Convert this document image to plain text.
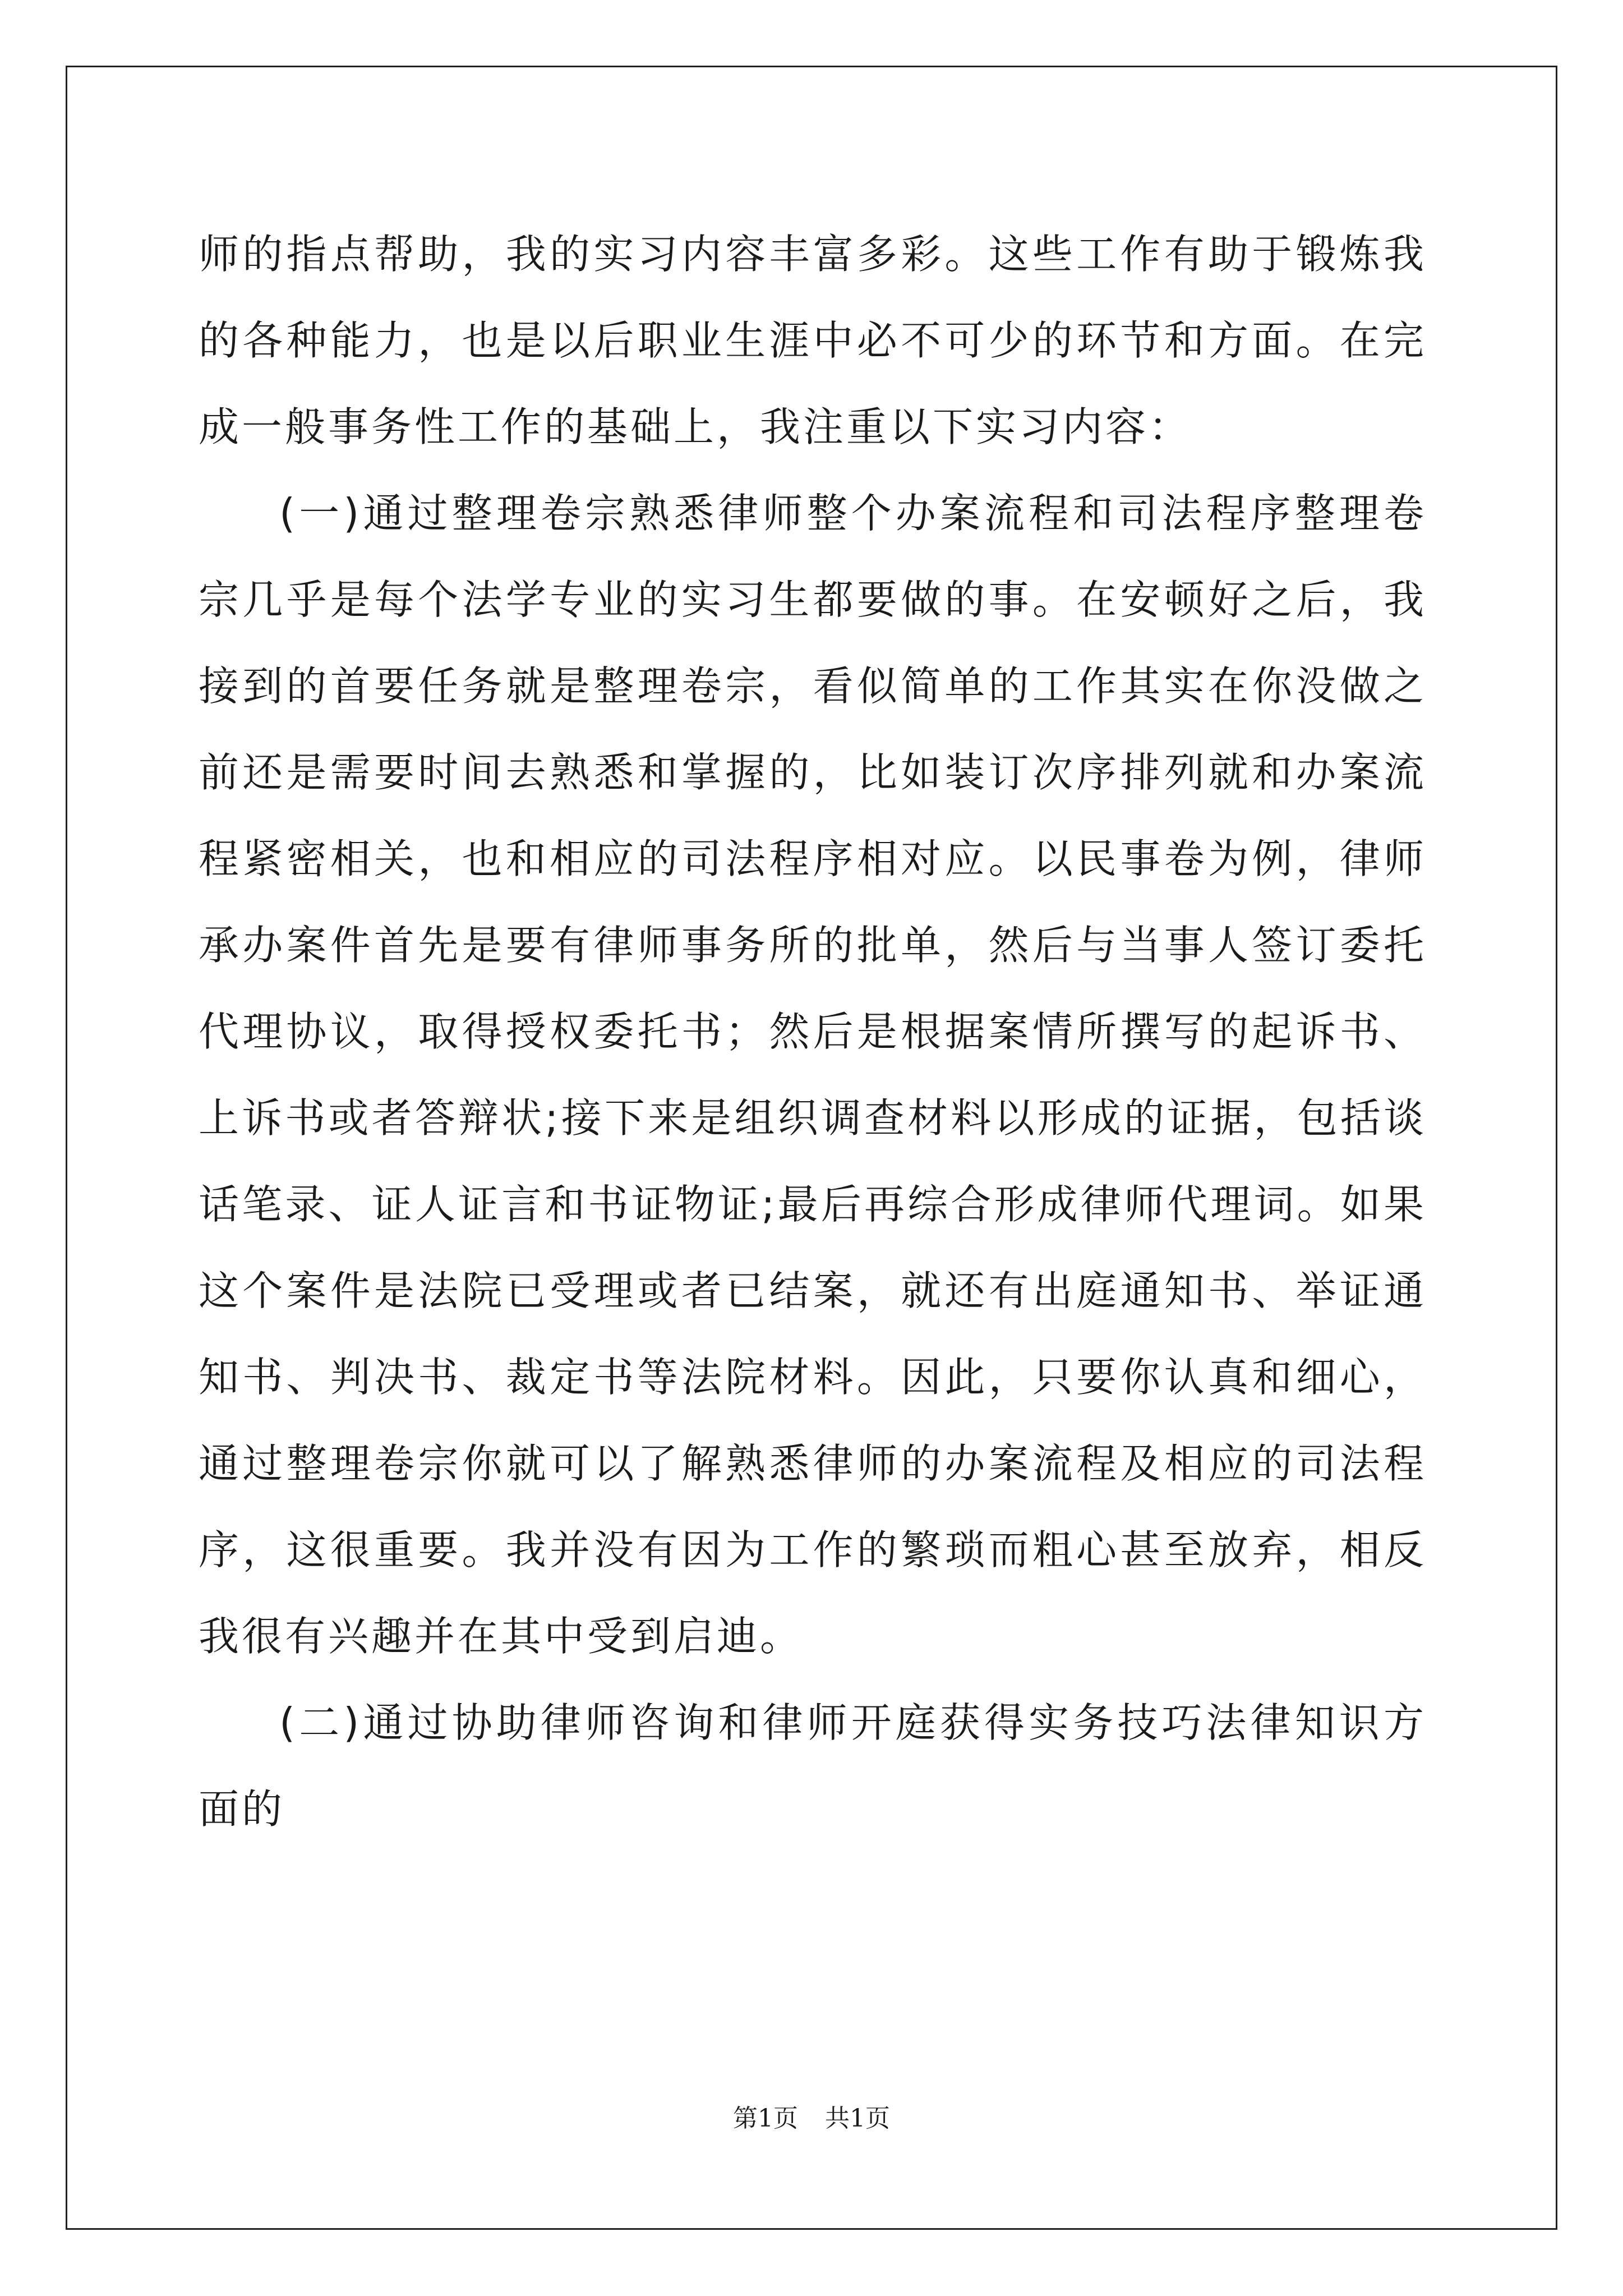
师的指点帮助，我的实习内容丰富多彩。这些工作有助于锻炼我的各种能力，也是以后职业生涯中必不可少的环节和方面。在完成一般事务性工作的基础上，我注重以下实习内容：

(一)通过整理卷宗熟悉律师整个办案流程和司法程序整理卷宗几乎是每个法学专业的实习生都要做的事。在安顿好之后，我接到的首要任务就是整理卷宗，看似简单的工作其实在你没做之前还是需要时间去熟悉和掌握的，比如装订次序排列就和办案流程紧密相关，也和相应的司法程序相对应。以民事卷为例，律师承办案件首先是要有律师事务所的批单，然后与当事人签订委托代理协议，取得授权委托书；然后是根据案情所撰写的起诉书、上诉书或者答辩状;接下来是组织调查材料以形成的证据，包括谈话笔录、证人证言和书证物证;最后再综合形成律师代理词。如果这个案件是法院已受理或者已结案，就还有出庭通知书、举证通知书、判决书、裁定书等法院材料。因此，只要你认真和细心，通过整理卷宗你就可以了解熟悉律师的办案流程及相应的司法程序，这很重要。我并没有因为工作的繁琐而粗心甚至放弃，相反我很有兴趣并在其中受到启迪。

(二)通过协助律师咨询和律师开庭获得实务技巧法律知识方面的

第1页 共1页
